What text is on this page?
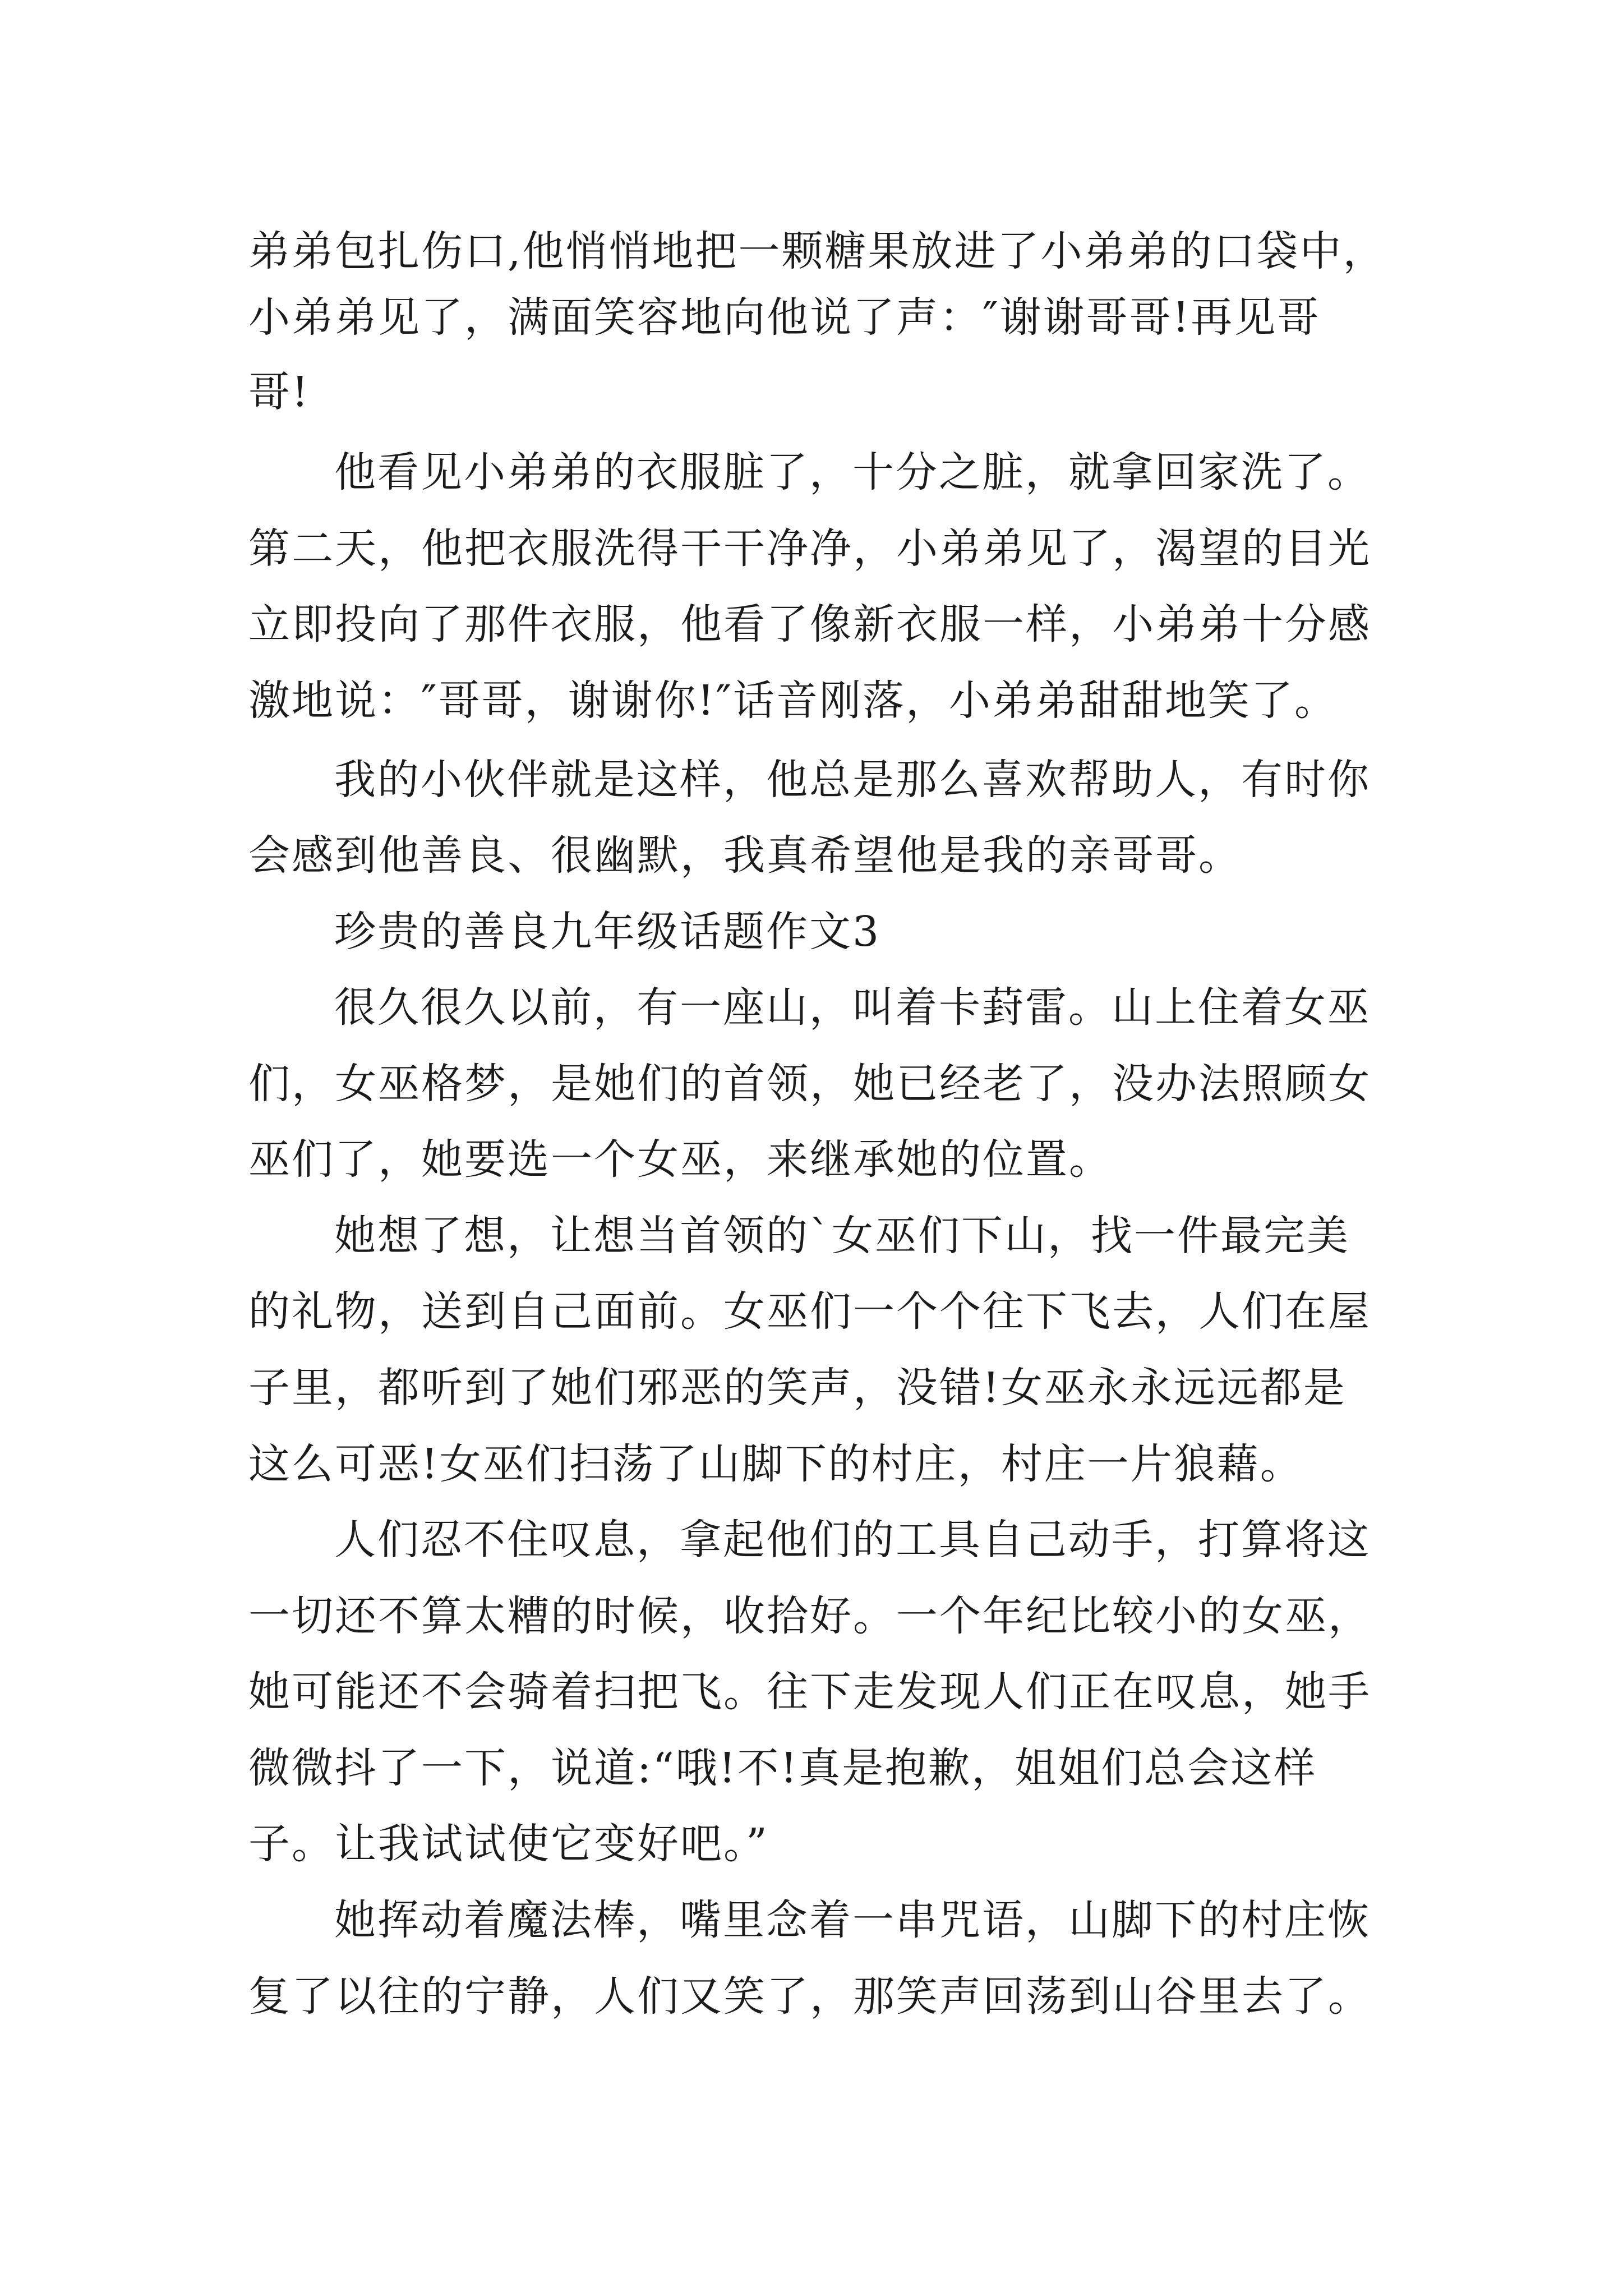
弟弟包扎伤口,他悄悄地把一颗糖果放进了小弟弟的口袋中，
小弟弟见了，满面笑容地向他说了声：″谢谢哥哥!再见哥
哥!
他看见小弟弟的衣服脏了，十分之脏，就拿回家洗了。
第二天，他把衣服洗得干干净净，小弟弟见了，渴望的目光
立即投向了那件衣服，他看了像新衣服一样，小弟弟十分感
激地说：″哥哥，谢谢你!″话音刚落，小弟弟甜甜地笑了。
我的小伙伴就是这样，他总是那么喜欢帮助人，有时你
会感到他善良、很幽默，我真希望他是我的亲哥哥。
珍贵的善良九年级话题作文3
很久很久以前，有一座山，叫着卡葑雷。山上住着女巫
们，女巫格梦，是她们的首领，她已经老了，没办法照顾女
巫们了，她要选一个女巫，来继承她的位置。
她想了想，让想当首领的`女巫们下山，找一件最完美
的礼物，送到自己面前。女巫们一个个往下飞去，人们在屋
子里，都听到了她们邪恶的笑声，没错!女巫永永远远都是
这么可恶!女巫们扫荡了山脚下的村庄，村庄一片狼藉。
人们忍不住叹息，拿起他们的工具自己动手，打算将这
一切还不算太糟的时候，收拾好。一个年纪比较小的女巫，
她可能还不会骑着扫把飞。往下走发现人们正在叹息，她手
微微抖了一下，说道:“哦!不!真是抱歉，姐姐们总会这样
子。让我试试使它变好吧。”
她挥动着魔法棒，嘴里念着一串咒语，山脚下的村庄恢
复了以往的宁静，人们又笑了，那笑声回荡到山谷里去了。
